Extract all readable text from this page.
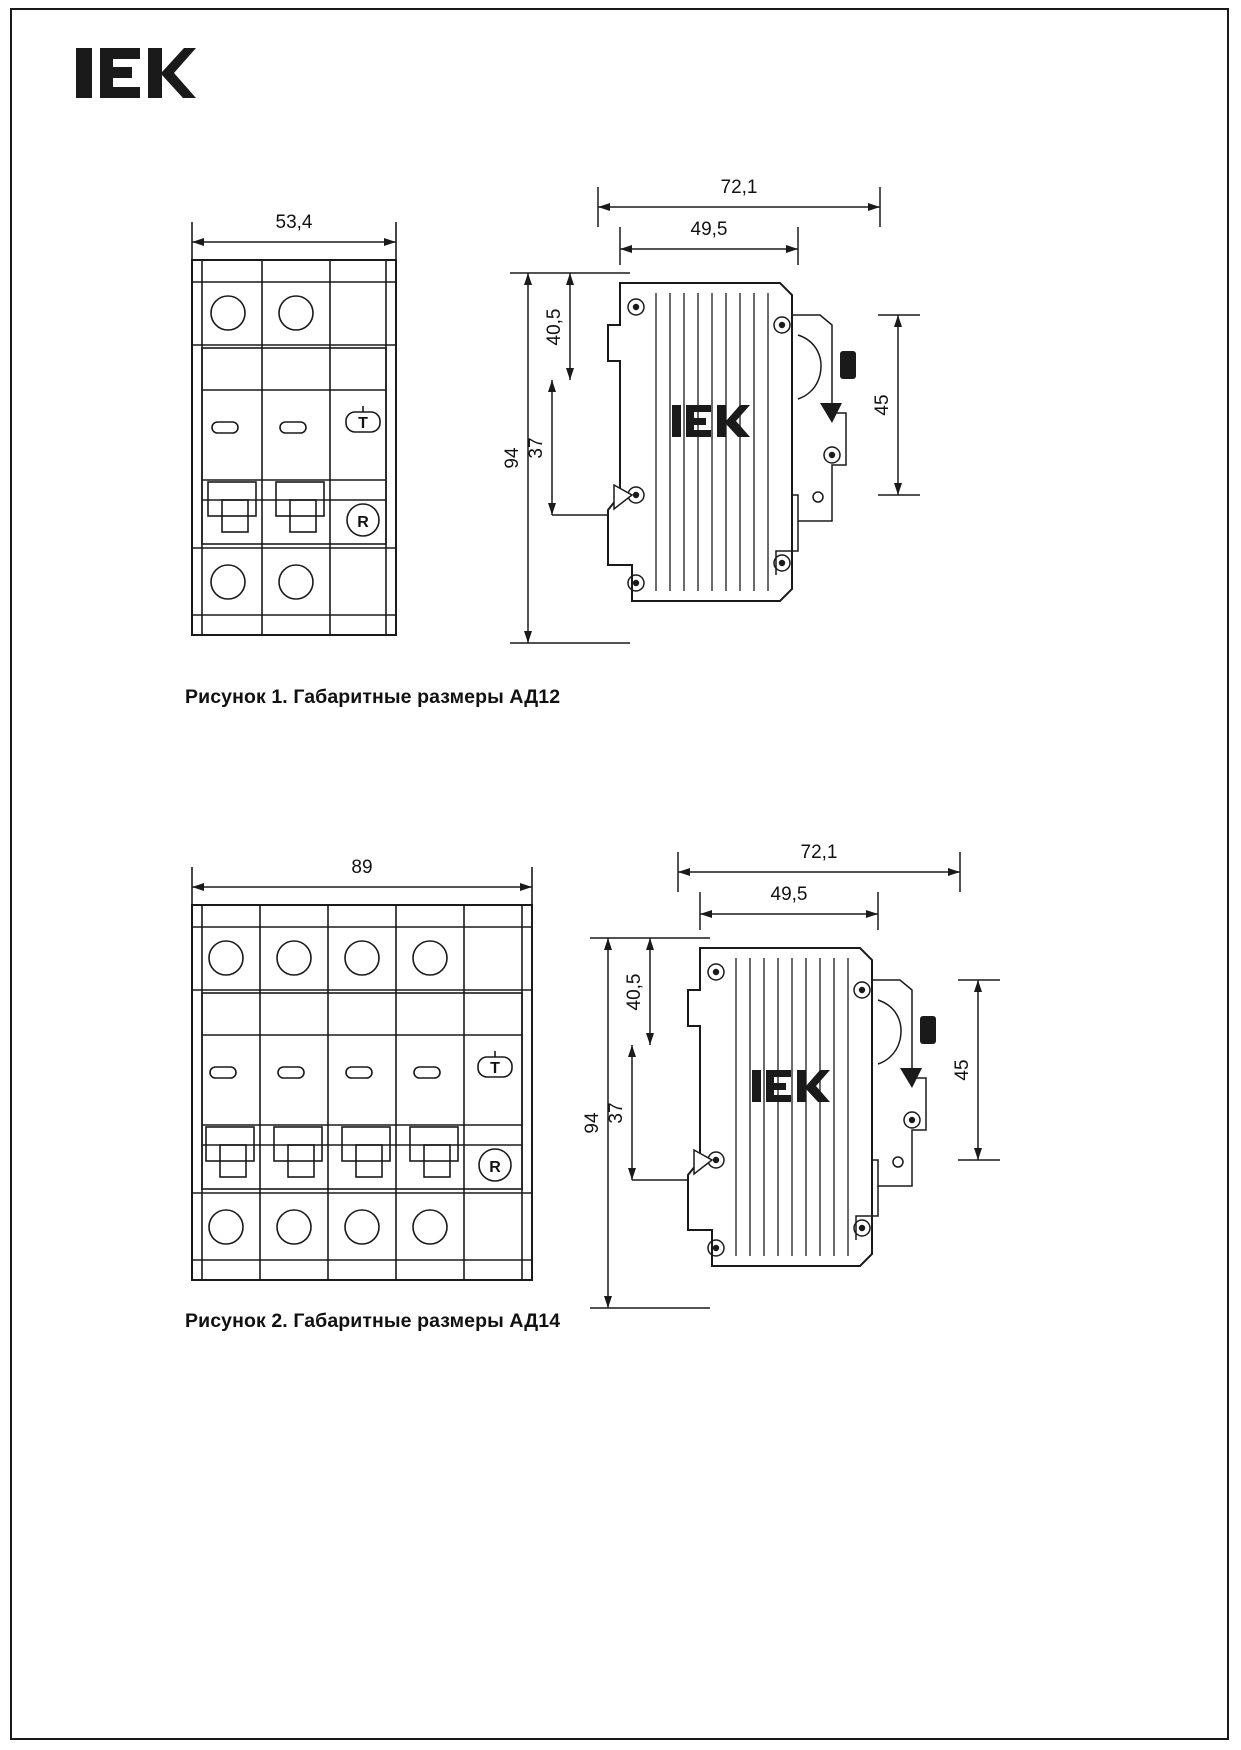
53,4
T
R
72,1
49,5
94
40,5
37
45
Рисунок 1. Габаритные размеры АД12
89
T
R
72,1
49,5
94
40,5
37
45
Рисунок 2. Габаритные размеры АД14
